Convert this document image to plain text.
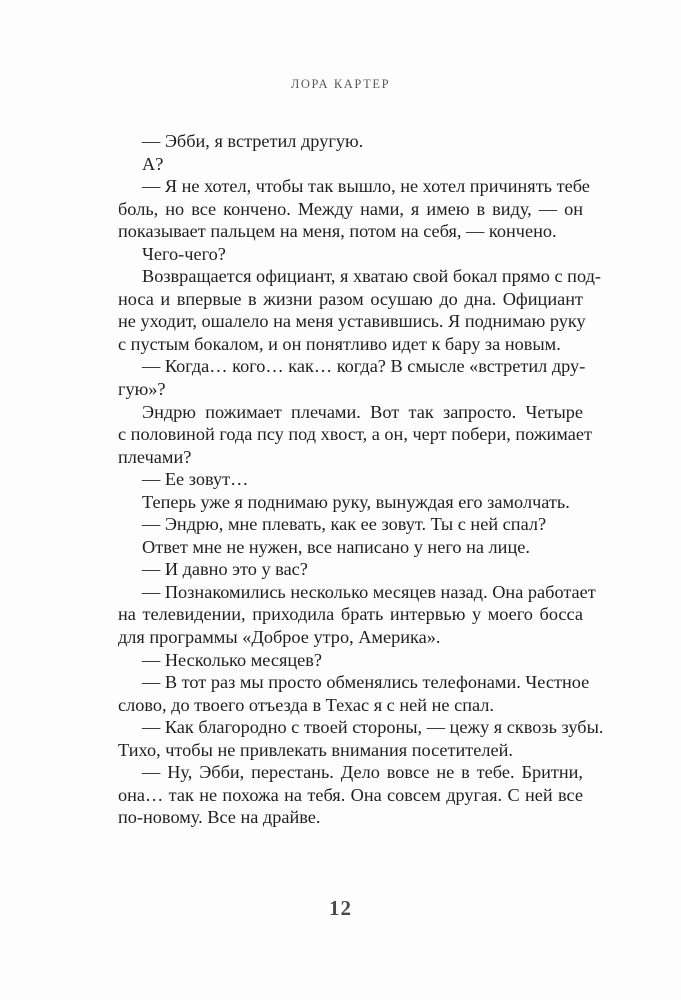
ЛОРА КАРТЕР
— Эбби, я встретил другую.
А?
— Я не хотел, чтобы так вышло, не хотел причинять тебе
боль, но все кончено. Между нами, я имею в виду, — он
показывает пальцем на меня, потом на себя, — кончено.
Чего-чего?
Возвращается официант, я хватаю свой бокал прямо с под-
носа и впервые в жизни разом осушаю до дна. Официант
не уходит, ошалело на меня уставившись. Я поднимаю руку
с пустым бокалом, и он понятливо идет к бару за новым.
— Когда… кого… как… когда? В смысле «встретил дру-
гую»?
Эндрю пожимает плечами. Вот так запросто. Четыре
с половиной года псу под хвост, а он, черт побери, пожимает
плечами?
— Ее зовут…
Теперь уже я поднимаю руку, вынуждая его замолчать.
— Эндрю, мне плевать, как ее зовут. Ты с ней спал?
Ответ мне не нужен, все написано у него на лице.
— И давно это у вас?
— Познакомились несколько месяцев назад. Она работает
на телевидении, приходила брать интервью у моего босса
для программы «Доброе утро, Америка».
— Несколько месяцев?
— В тот раз мы просто обменялись телефонами. Честное
слово, до твоего отъезда в Техас я с ней не спал.
— Как благородно с твоей стороны, — цежу я сквозь зубы.
Тихо, чтобы не привлекать внимания посетителей.
— Ну, Эбби, перестань. Дело вовсе не в тебе. Бритни,
она… так не похожа на тебя. Она совсем другая. С ней все
по-новому. Все на драйве.
12
